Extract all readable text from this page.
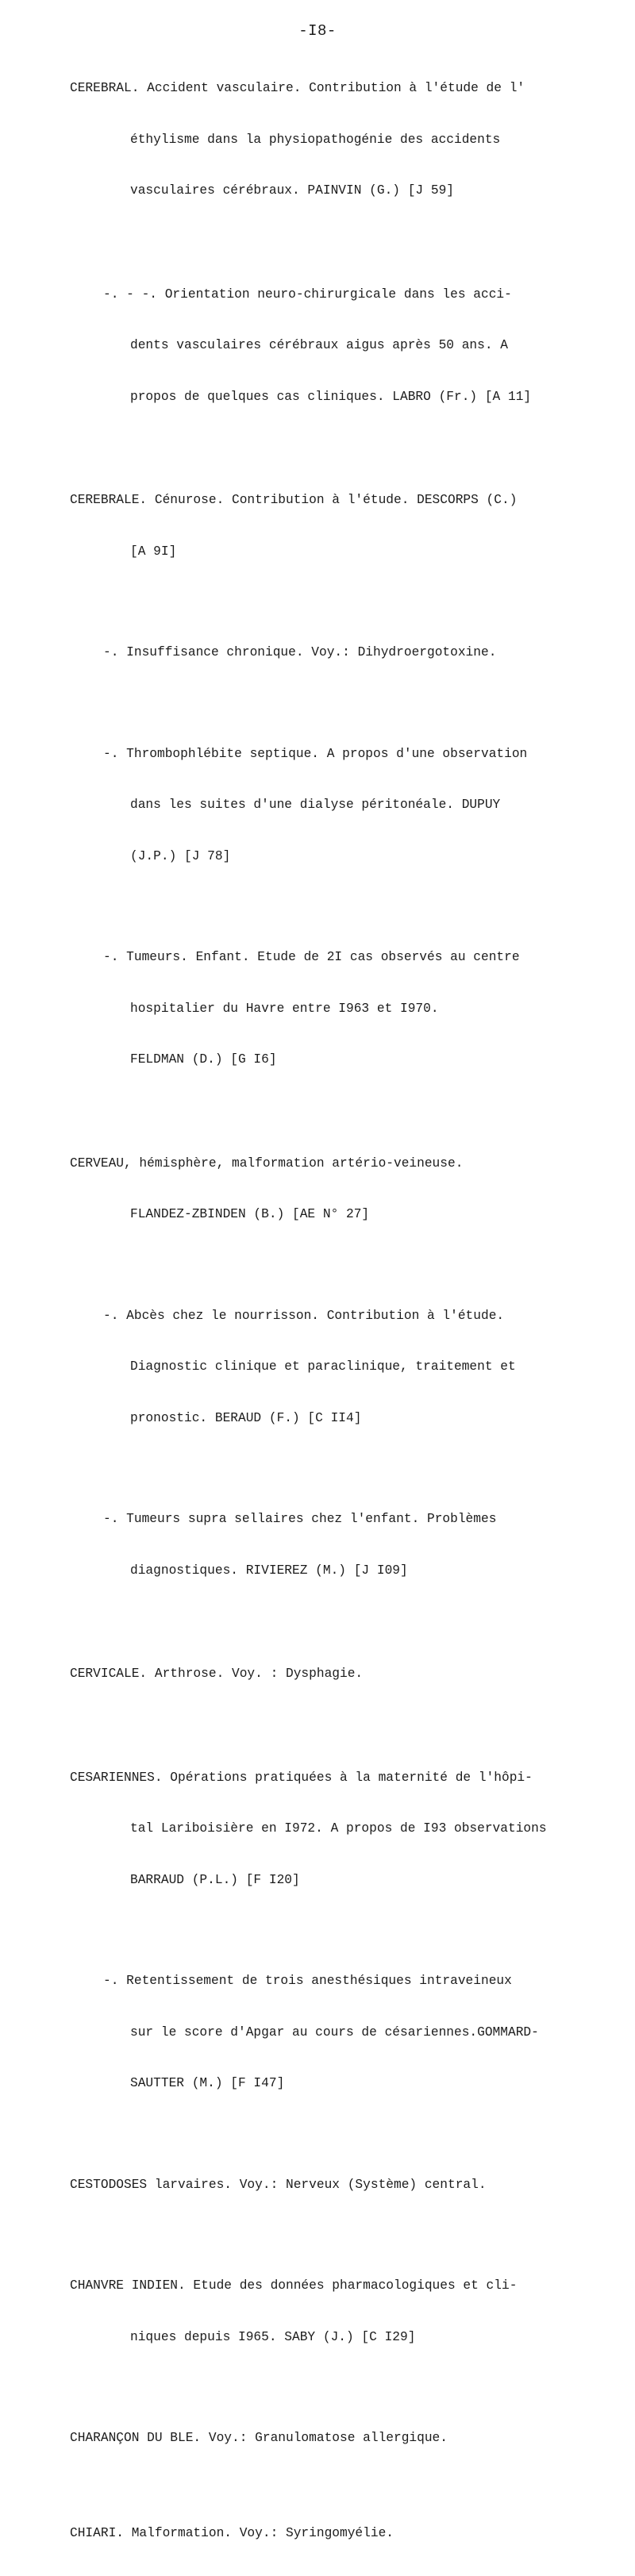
-I8-

CEREBRAL. Accident vasculaire. Contribution à l'étude de l'

éthylisme dans la physiopathogénie des accidents

vasculaires cérébraux. PAINVIN (G.) [J 59]

-. - -. Orientation neuro-chirurgicale dans les acci-

dents vasculaires cérébraux aigus après 50 ans. A

propos de quelques cas cliniques. LABRO (Fr.) [A 11]

CEREBRALE. Cénurose. Contribution à l'étude. DESCORPS (C.)

[A 9I]

-. Insuffisance chronique. Voy.: Dihydroergotoxine.

-. Thrombophlébite septique. A propos d'une observation

dans les suites d'une dialyse péritonéale. DUPUY

(J.P.) [J 78]

-. Tumeurs. Enfant. Etude de 2I cas observés au centre

hospitalier du Havre entre I963 et I970.

FELDMAN (D.) [G I6]

CERVEAU, hémisphère, malformation artério-veineuse.

FLANDEZ-ZBINDEN (B.) [AE N° 27]

-. Abcès chez le nourrisson. Contribution à l'étude.

Diagnostic clinique et paraclinique, traitement et

pronostic. BERAUD (F.) [C II4]

-. Tumeurs supra sellaires chez l'enfant. Problèmes

diagnostiques. RIVIEREZ (M.) [J I09]

CERVICALE. Arthrose. Voy. : Dysphagie.

CESARIENNES. Opérations pratiquées à la maternité de l'hôpi-

tal Lariboisière en I972. A propos de I93 observations

BARRAUD (P.L.) [F I20]

-. Retentissement de trois anesthésiques intraveineux

sur le score d'Apgar au cours de césariennes.GOMMARD-

SAUTTER (M.) [F I47]

CESTODOSES larvaires. Voy.: Nerveux (Système) central.

CHANVRE INDIEN. Etude des données pharmacologiques et cli-

niques depuis I965. SABY (J.) [C I29]

CHARANÇON DU BLE. Voy.: Granulomatose allergique.

CHIARI. Malformation. Voy.: Syringomyélie.
